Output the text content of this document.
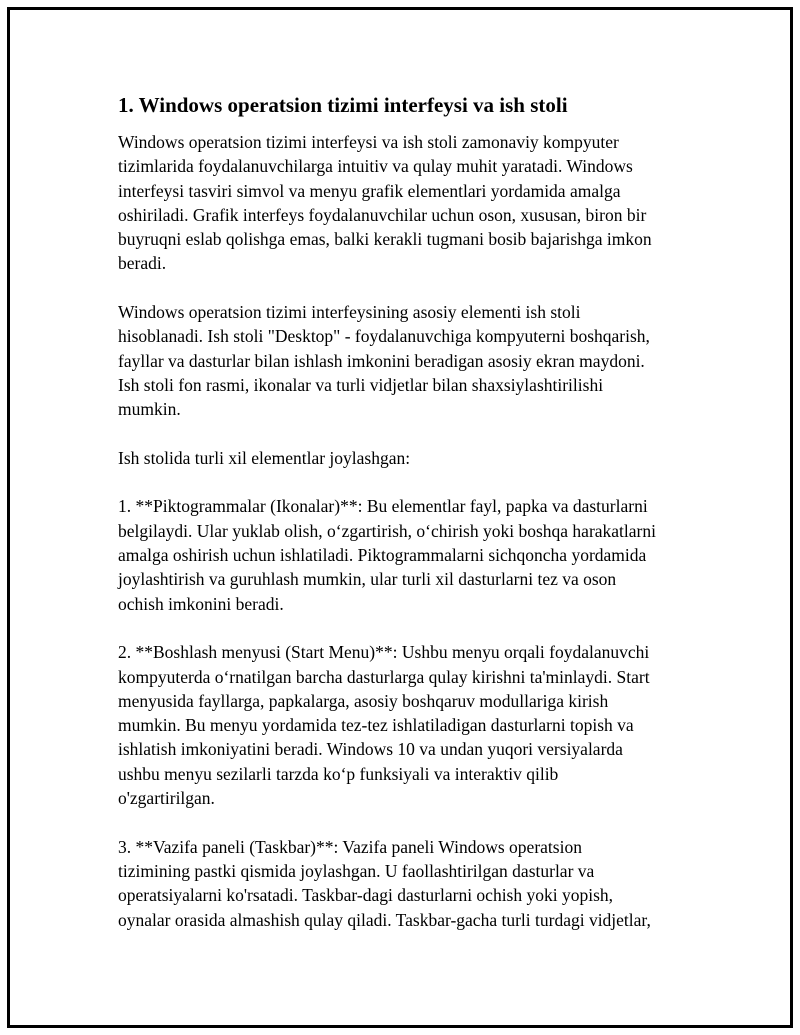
1. Windows operatsion tizimi interfeysi va ish stoli

Windows operatsion tizimi interfeysi va ish stoli zamonaviy kompyuter
tizimlarida foydalanuvchilarga intuitiv va qulay muhit yaratadi. Windows
interfeysi tasviri simvol va menyu grafik elementlari yordamida amalga
oshiriladi. Grafik interfeys foydalanuvchilar uchun oson, xususan, biron bir
buyruqni eslab qolishga emas, balki kerakli tugmani bosib bajarishga imkon
beradi.

Windows operatsion tizimi interfeysining asosiy elementi ish stoli
hisoblanadi. Ish stoli "Desktop" - foydalanuvchiga kompyuterni boshqarish,
fayllar va dasturlar bilan ishlash imkonini beradigan asosiy ekran maydoni.
Ish stoli fon rasmi, ikonalar va turli vidjetlar bilan shaxsiylashtirilishi
mumkin.

Ish stolida turli xil elementlar joylashgan:

1. **Piktogrammalar (Ikonalar)**: Bu elementlar fayl, papka va dasturlarni
belgilaydi. Ular yuklab olish, o‘zgartirish, o‘chirish yoki boshqa harakatlarni
amalga oshirish uchun ishlatiladi. Piktogrammalarni sichqoncha yordamida
joylashtirish va guruhlash mumkin, ular turli xil dasturlarni tez va oson
ochish imkonini beradi.

2. **Boshlash menyusi (Start Menu)**: Ushbu menyu orqali foydalanuvchi
kompyuterda o‘rnatilgan barcha dasturlarga qulay kirishni ta'minlaydi. Start
menyusida fayllarga, papkalarga, asosiy boshqaruv modullariga kirish
mumkin. Bu menyu yordamida tez-tez ishlatiladigan dasturlarni topish va
ishlatish imkoniyatini beradi. Windows 10 va undan yuqori versiyalarda
ushbu menyu sezilarli tarzda ko‘p funksiyali va interaktiv qilib
o'zgartirilgan.

3. **Vazifa paneli (Taskbar)**: Vazifa paneli Windows operatsion
tizimining pastki qismida joylashgan. U faollashtirilgan dasturlar va
operatsiyalarni ko'rsatadi. Taskbar-dagi dasturlarni ochish yoki yopish,
oynalar orasida almashish qulay qiladi. Taskbar-gacha turli turdagi vidjetlar,
